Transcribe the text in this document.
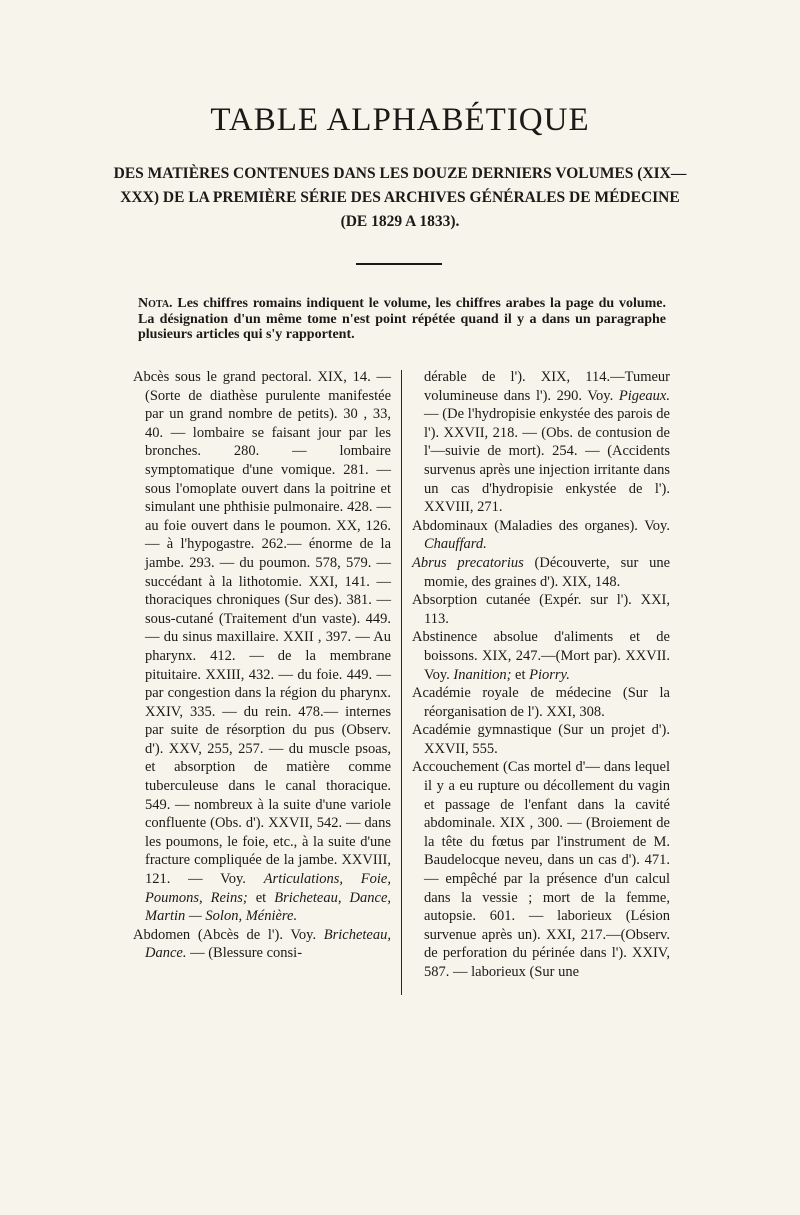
TABLE ALPHABÉTIQUE

DES MATIÈRES CONTENUES DANS LES DOUZE DERNIERS VOLUMES (XIX—XXX) DE LA PREMIÈRE SÉRIE DES ARCHIVES GÉNÉRALES DE MÉDECINE (DE 1829 A 1833).

Nota. Les chiffres romains indiquent le volume, les chiffres arabes la page du volume. La désignation d'un même tome n'est point répétée quand il y a dans un paragraphe plusieurs articles qui s'y rapportent.

Abcès sous le grand pectoral. XIX, 14. — (Sorte de diathèse purulente manifestée par un grand nombre de petits). 30 , 33, 40. — lombaire se faisant jour par les bronches. 280. — lombaire symptomatique d'une vomique. 281. — sous l'omoplate ouvert dans la poitrine et simulant une phthisie pulmonaire. 428. — au foie ouvert dans le poumon. XX, 126. — à l'hypogastre. 262.— énorme de la jambe. 293. — du poumon. 578, 579. — succédant à la lithotomie. XXI, 141. — thoraciques chroniques (Sur des). 381. — sous-cutané (Traitement d'un vaste). 449. — du sinus maxillaire. XXII , 397. — Au pharynx. 412. — de la membrane pituitaire. XXIII, 432. — du foie. 449. — par congestion dans la région du pharynx. XXIV, 335. — du rein. 478.— internes par suite de résorption du pus (Observ. d'). XXV, 255, 257. — du muscle psoas, et absorption de matière comme tuberculeuse dans le canal thoracique. 549. — nombreux à la suite d'une variole confluente (Obs. d'). XXVII, 542. — dans les poumons, le foie, etc., à la suite d'une fracture compliquée de la jambe. XXVIII, 121. — Voy. Articulations, Foie, Poumons, Reins; et Bricheteau, Dance, Martin — Solon, Ménière.

Abdomen (Abcès de l'). Voy. Bricheteau, Dance. — (Blessure consi-

dérable de l'). XIX, 114.—Tumeur volumineuse dans l'). 290. Voy. Pigeaux. — (De l'hydropisie enkystée des parois de l'). XXVII, 218. — (Obs. de contusion de l'—suivie de mort). 254. — (Accidents survenus après une injection irritante dans un cas d'hydropisie enkystée de l'). XXVIII, 271.

Abdominaux (Maladies des organes). Voy. Chauffard.

Abrus precatorius (Découverte, sur une momie, des graines d'). XIX, 148.

Absorption cutanée (Expér. sur l'). XXI, 113.

Abstinence absolue d'aliments et de boissons. XIX, 247.—(Mort par). XXVII. Voy. Inanition; et Piorry.

Académie royale de médecine (Sur la réorganisation de l'). XXI, 308.

Académie gymnastique (Sur un projet d'). XXVII, 555.

Accouchement (Cas mortel d'— dans lequel il y a eu rupture ou décollement du vagin et passage de l'enfant dans la cavité abdominale. XIX , 300. — (Broiement de la tête du fœtus par l'instrument de M. Baudelocque neveu, dans un cas d'). 471. — empêché par la présence d'un calcul dans la vessie ; mort de la femme, autopsie. 601. — laborieux (Lésion survenue après un). XXI, 217.—(Observ. de perforation du périnée dans l'). XXIV, 587. — laborieux (Sur une
